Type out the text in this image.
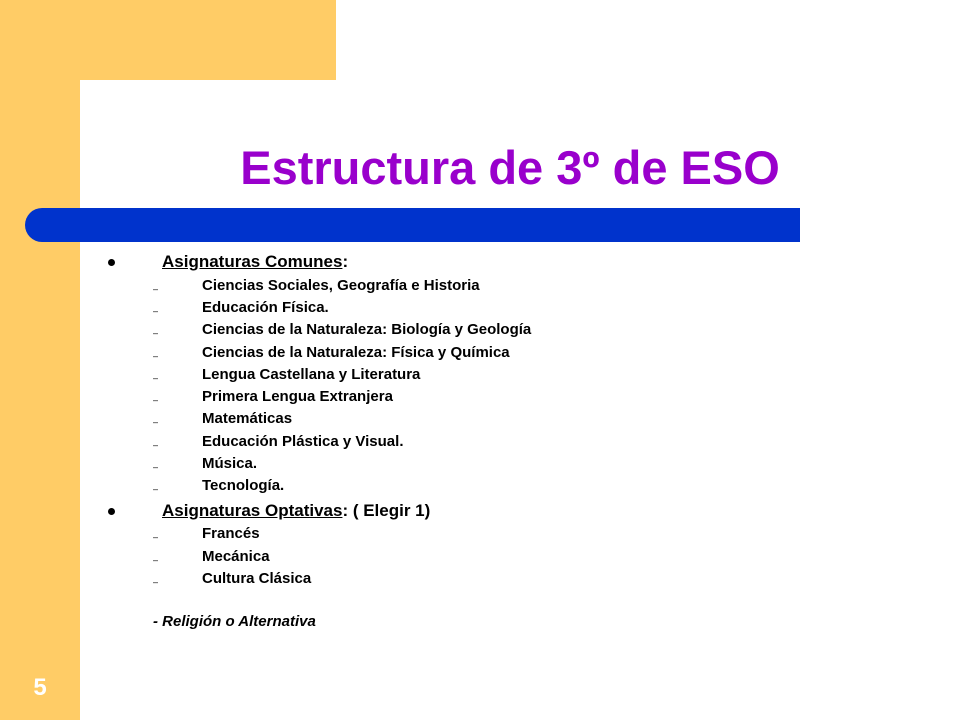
Estructura de 3º de ESO
Asignaturas Comunes:
–	Ciencias Sociales, Geografía e Historia
–	Educación Física.
–	Ciencias de la Naturaleza: Biología y Geología
–	Ciencias de la Naturaleza: Física y Química
–	Lengua Castellana y Literatura
–	Primera Lengua Extranjera
–	Matemáticas
–	Educación Plástica y Visual.
–	Música.
–	Tecnología.
Asignaturas Optativas: ( Elegir 1)
–	Francés
–	Mecánica
–	Cultura Clásica
- Religión o Alternativa
5
